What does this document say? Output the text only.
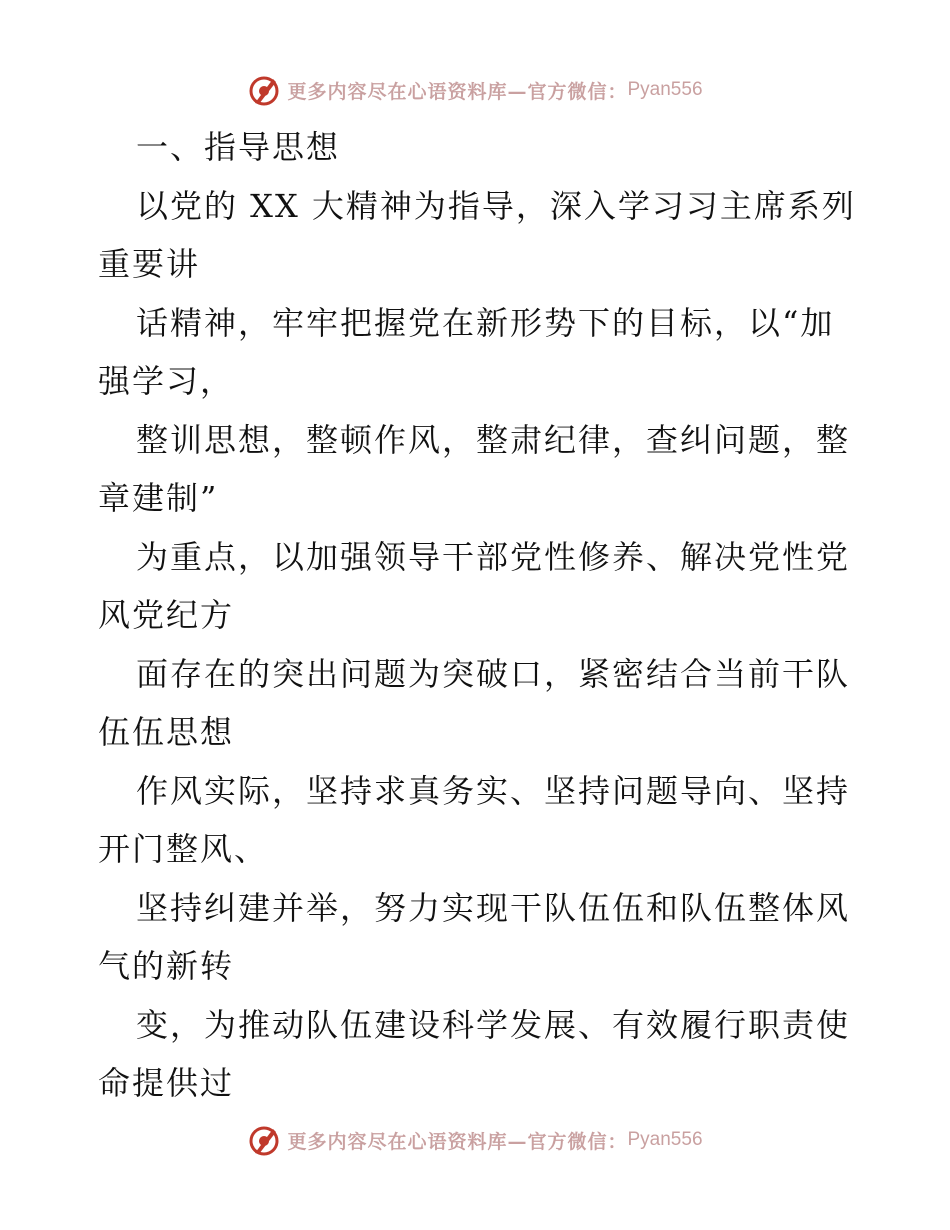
更多内容尽在心语资料库—官方微信： Pyan556
一、指导思想
以党的 XX 大精神为指导，深入学习习主席系列
重要讲
话精神，牢牢把握党在新形势下的目标，以“加
强学习，
整训思想，整顿作风，整肃纪律，查纠问题，整
章建制”
为重点，以加强领导干部党性修养、解决党性党
风党纪方
面存在的突出问题为突破口，紧密结合当前干队
伍伍思想
作风实际，坚持求真务实、坚持问题导向、坚持
开门整风、
坚持纠建并举，努力实现干队伍伍和队伍整体风
气的新转
变，为推动队伍建设科学发展、有效履行职责使
命提供过
更多内容尽在心语资料库—官方微信： Pyan556
